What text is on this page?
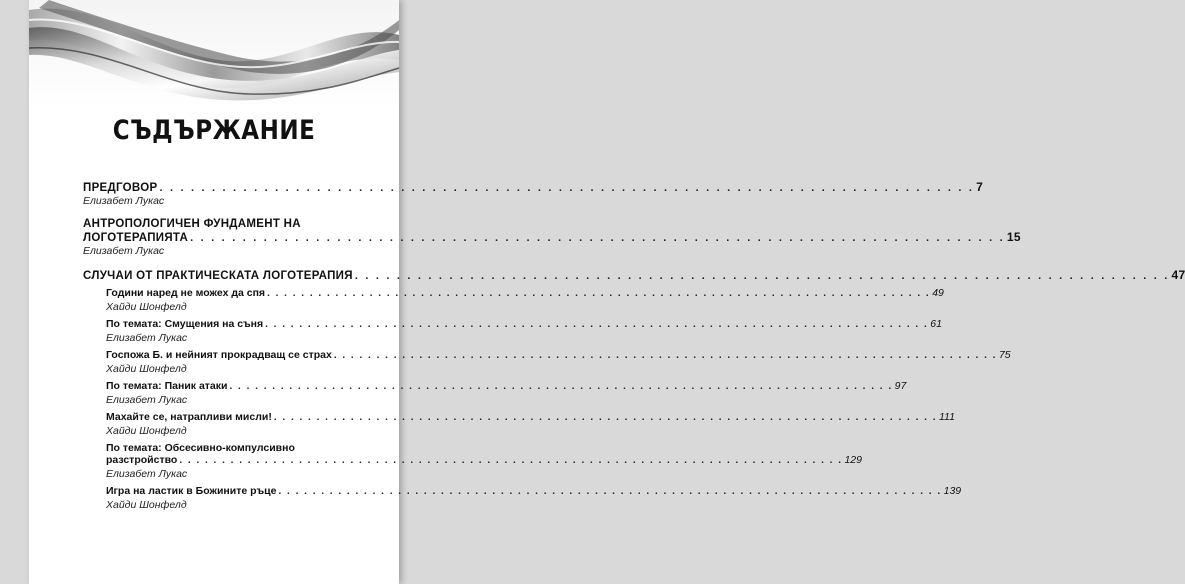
СЪДЪРЖАНИЕ
ПРЕДГОВОР . . .	7
Елизабет Лукас
АНТРОПОЛОГИЧЕН ФУНДАМЕНТ НА
ЛОГОТЕРАПИЯТА . . .	15
Елизабет Лукас
СЛУЧАИ ОТ ПРАКТИЧЕСКАТА ЛОГОТЕРАПИЯ . . .	47
Години наред не можех да спя . . .	49
Хайди Шонфелд
По темата: Смущения на съня . . .	61
Елизабет Лукас
Госпожа Б. и нейният прокрадващ се страх . . .	75
Хайди Шонфелд
По темата: Паник атаки . . .	97
Елизабет Лукас
Махайте се, натрапливи мисли! . . .	111
Хайди Шонфелд
По темата: Обсесивно-компулсивно
разстройство . . .	129
Елизабет Лукас
Игра на ластик в Божините ръце . . .	139
Хайди Шонфелд
